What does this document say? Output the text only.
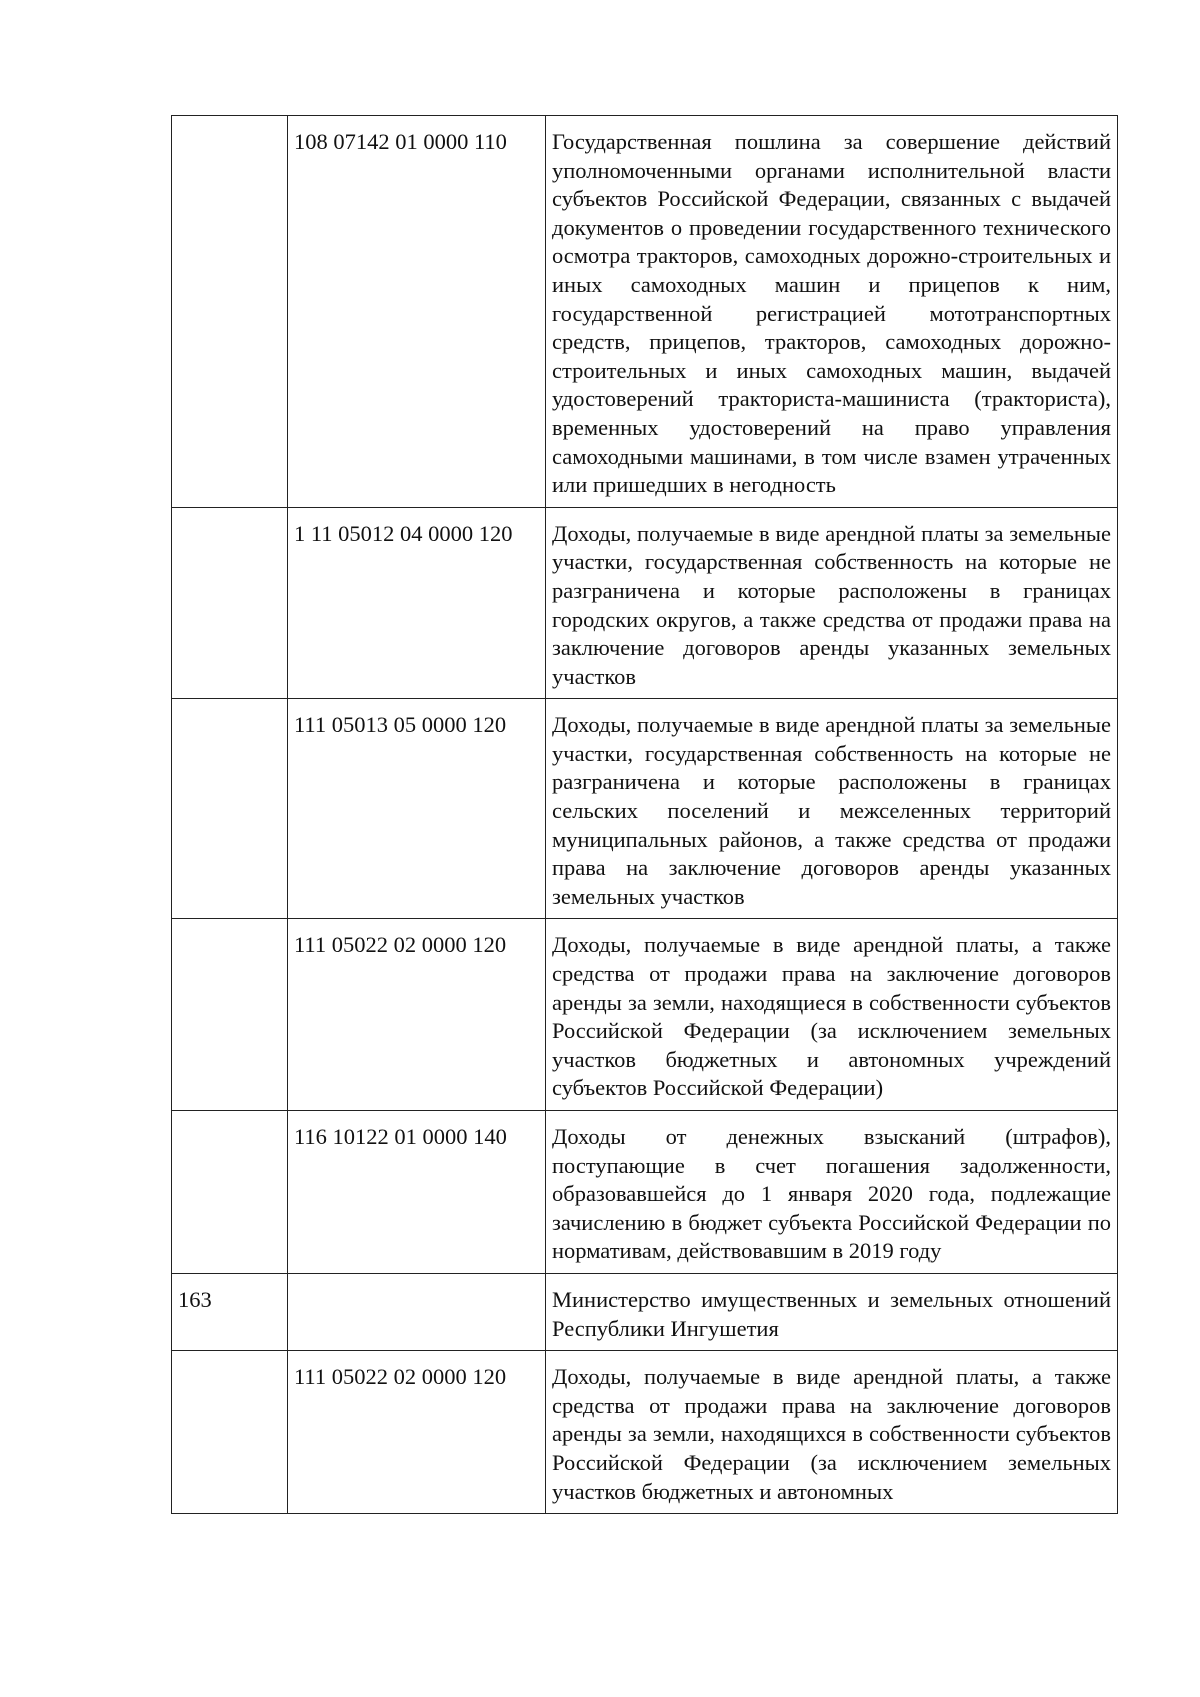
	108 07142 01 0000 110	Государственная пошлина за совершение действий уполномоченными органами исполнительной власти субъектов Российской Федерации, связанных с выдачей документов о проведении государственного технического осмотра тракторов, самоходных дорожно-строительных и иных самоходных машин и прицепов к ним, государственной регистрацией мототранспортных средств, прицепов, тракторов, самоходных дорожно-строительных и иных самоходных машин, выдачей удостоверений тракториста-машиниста (тракториста), временных удостоверений на право управления самоходными машинами, в том числе взамен утраченных или пришедших в негодность

	1 11 05012 04 0000 120	Доходы, получаемые в виде арендной платы за земельные участки, государственная собственность на которые не разграничена и которые расположены в границах городских округов, а также средства от продажи права на заключение договоров аренды указанных земельных участков

	111 05013 05 0000 120	Доходы, получаемые в виде арендной платы за земельные участки, государственная собственность на которые не разграничена и которые расположены в границах сельских поселений и межселенных территорий муниципальных районов, а также средства от продажи права на заключение договоров аренды указанных земельных участков

	111 05022 02 0000 120	Доходы, получаемые в виде арендной платы, а также средства от продажи права на заключение договоров аренды за земли, находящиеся в собственности субъектов Российской Федерации (за исключением земельных участков бюджетных и автономных учреждений субъектов Российской Федерации)

	116 10122 01 0000 140	Доходы от денежных взысканий (штрафов), поступающие в счет погашения задолженности, образовавшейся до 1 января 2020 года, подлежащие зачислению в бюджет субъекта Российской Федерации по нормативам, действовавшим в 2019 году

163		Министерство имущественных и земельных отношений Республики Ингушетия

	111 05022 02 0000 120	Доходы, получаемые в виде арендной платы, а также средства от продажи права на заключение договоров аренды за земли, находящихся в собственности субъектов Российской Федерации (за исключением земельных участков бюджетных и автономных
